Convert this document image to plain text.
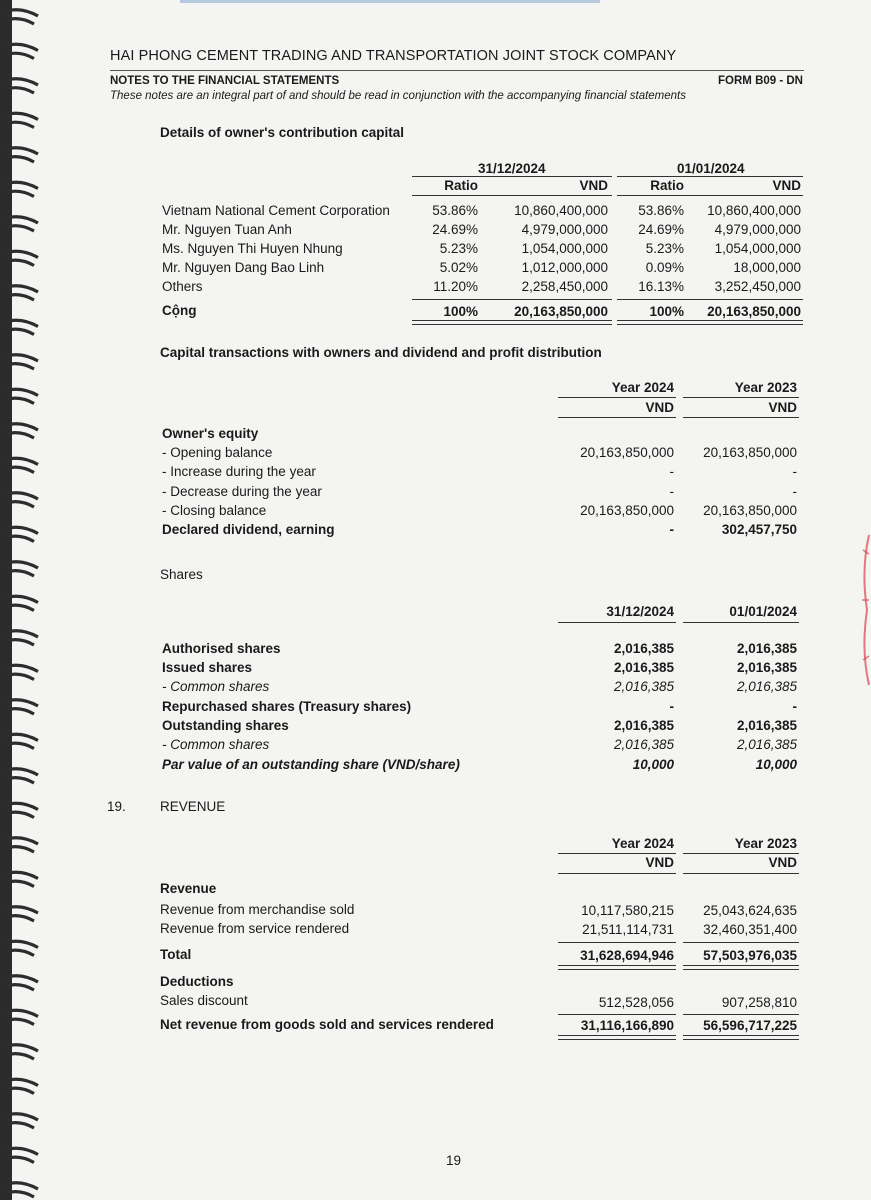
HAI PHONG CEMENT TRADING AND TRANSPORTATION JOINT STOCK COMPANY
NOTES TO THE FINANCIAL STATEMENTS	FORM B09 - DN
These notes are an integral part of and should be read in conjunction with the accompanying financial statements
Details of owner's contribution capital
31/12/2024	01/01/2024
Ratio	VND	Ratio	VND
Vietnam National Cement Corporation	53.86%	10,860,400,000	53.86%	10,860,400,000
Mr. Nguyen Tuan Anh	24.69%	4,979,000,000	24.69%	4,979,000,000
Ms. Nguyen Thi Huyen Nhung	5.23%	1,054,000,000	5.23%	1,054,000,000
Mr. Nguyen Dang Bao Linh	5.02%	1,012,000,000	0.09%	18,000,000
Others	11.20%	2,258,450,000	16.13%	3,252,450,000
Cộng	100%	20,163,850,000	100%	20,163,850,000
Capital transactions with owners and dividend and profit distribution
Year 2024	Year 2023
VND	VND
Owner's equity
- Opening balance	20,163,850,000	20,163,850,000
- Increase during the year	-	-
- Decrease during the year	-	-
- Closing balance	20,163,850,000	20,163,850,000
Declared dividend, earning	-	302,457,750
Shares
31/12/2024	01/01/2024
Authorised shares	2,016,385	2,016,385
Issued shares	2,016,385	2,016,385
- Common shares	2,016,385	2,016,385
Repurchased shares (Treasury shares)	-	-
Outstanding shares	2,016,385	2,016,385
- Common shares	2,016,385	2,016,385
Par value of an outstanding share (VND/share)	10,000	10,000
19.	REVENUE
Year 2024	Year 2023
VND	VND
Revenue
Revenue from merchandise sold	10,117,580,215	25,043,624,635
Revenue from service rendered	21,511,114,731	32,460,351,400
Total	31,628,694,946	57,503,976,035
Deductions
Sales discount	512,528,056	907,258,810
Net revenue from goods sold and services rendered	31,116,166,890	56,596,717,225
19
